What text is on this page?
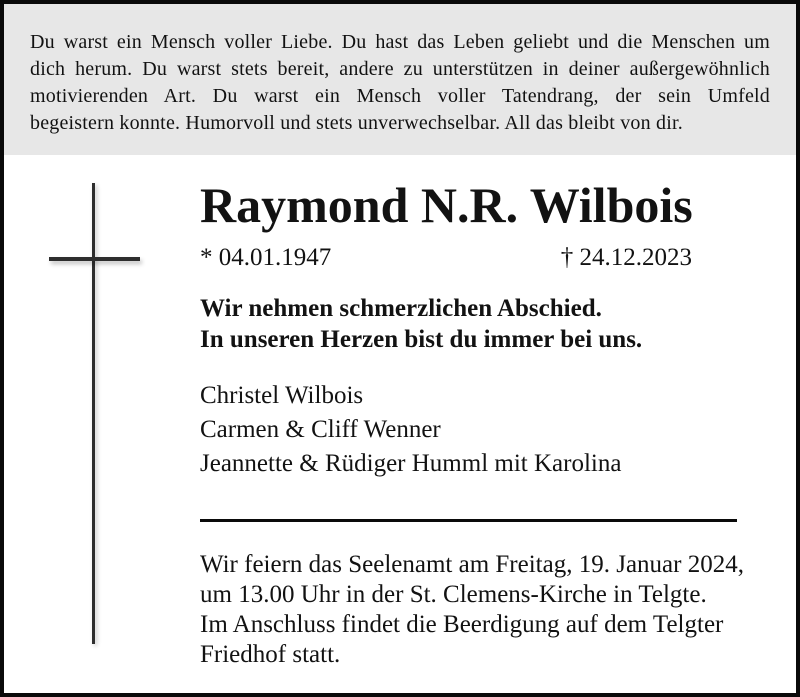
Du warst ein Mensch voller Liebe. Du hast das Leben geliebt und die Menschen um
dich herum. Du warst stets bereit, andere zu unterstützen in deiner außergewöhnlich
motivierenden Art. Du warst ein Mensch voller Tatendrang, der sein Umfeld
begeistern konnte. Humorvoll und stets unverwechselbar. All das bleibt von dir.
Raymond N.R. Wilbois
* 04.01.1947	† 24.12.2023
Wir nehmen schmerzlichen Abschied.
In unseren Herzen bist du immer bei uns.
Christel Wilbois
Carmen & Cliff Wenner
Jeannette & Rüdiger Humml mit Karolina
Wir feiern das Seelenamt am Freitag, 19. Januar 2024,
um 13.00 Uhr in der St. Clemens-Kirche in Telgte.
Im Anschluss findet die Beerdigung auf dem Telgter
Friedhof statt.
